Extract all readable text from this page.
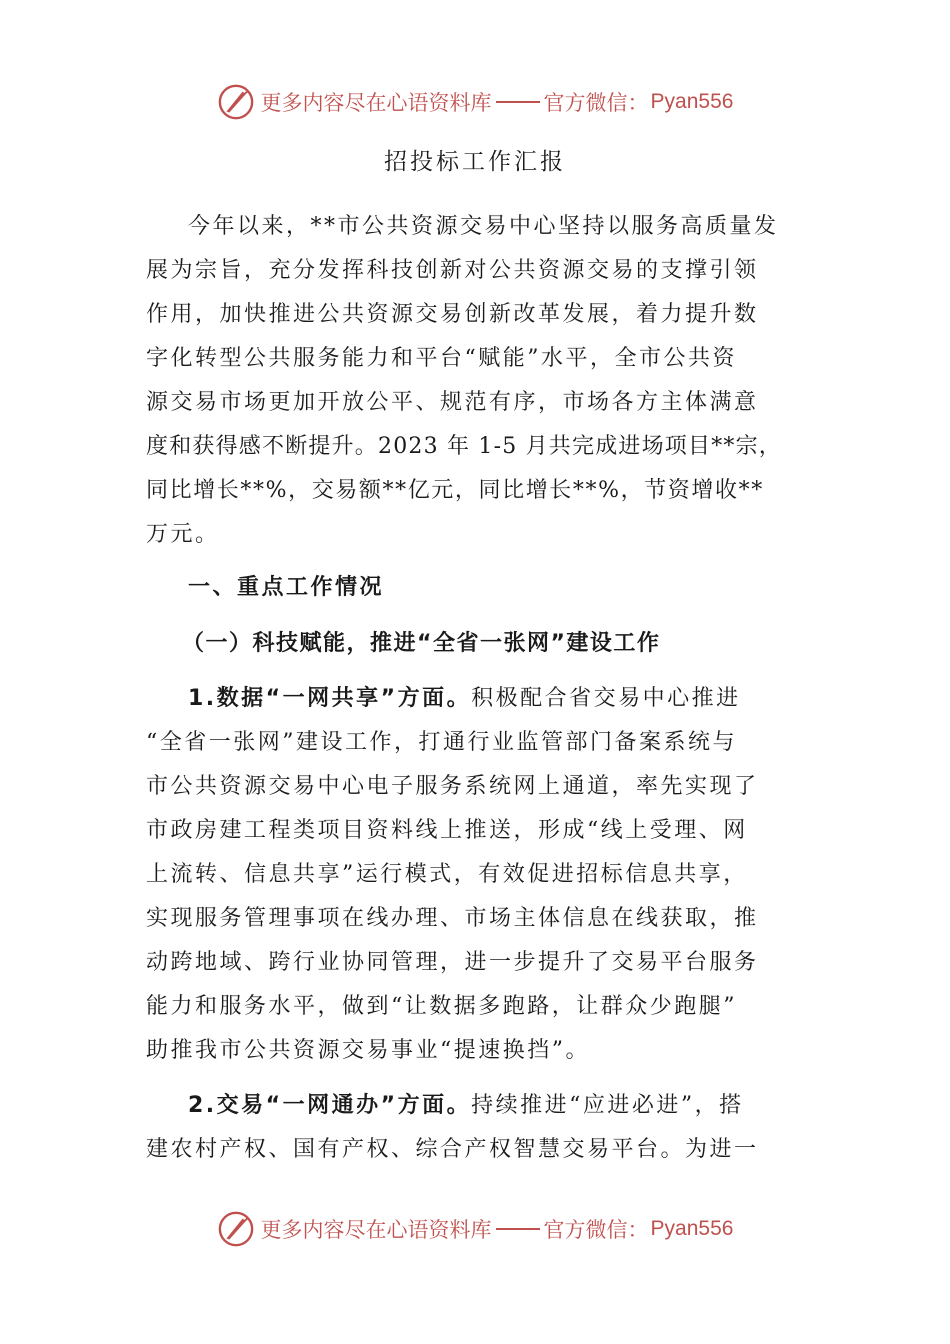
更多内容尽在心语资料库 官方微信： Pyan556
招投标工作汇报
今年以来，**市公共资源交易中心坚持以服务高质量发
展为宗旨，充分发挥科技创新对公共资源交易的支撑引领
作用，加快推进公共资源交易创新改革发展，着力提升数
字化转型公共服务能力和平台“赋能”水平，全市公共资
源交易市场更加开放公平、规范有序，市场各方主体满意
度和获得感不断提升。2023 年 1-5 月共完成进场项目**宗，
同比增长**%，交易额**亿元，同比增长**%，节资增收**
万元。
一、重点工作情况
（一）科技赋能，推进“全省一张网”建设工作
1.数据“一网共享”方面。积极配合省交易中心推进
“全省一张网”建设工作，打通行业监管部门备案系统与
市公共资源交易中心电子服务系统网上通道，率先实现了
市政房建工程类项目资料线上推送，形成“线上受理、网
上流转、信息共享”运行模式，有效促进招标信息共享，
实现服务管理事项在线办理、市场主体信息在线获取，推
动跨地域、跨行业协同管理，进一步提升了交易平台服务
能力和服务水平，做到“让数据多跑路，让群众少跑腿”
助推我市公共资源交易事业“提速换挡”。
2.交易“一网通办”方面。持续推进“应进必进”，搭
建农村产权、国有产权、综合产权智慧交易平台。为进一
更多内容尽在心语资料库 官方微信： Pyan556
